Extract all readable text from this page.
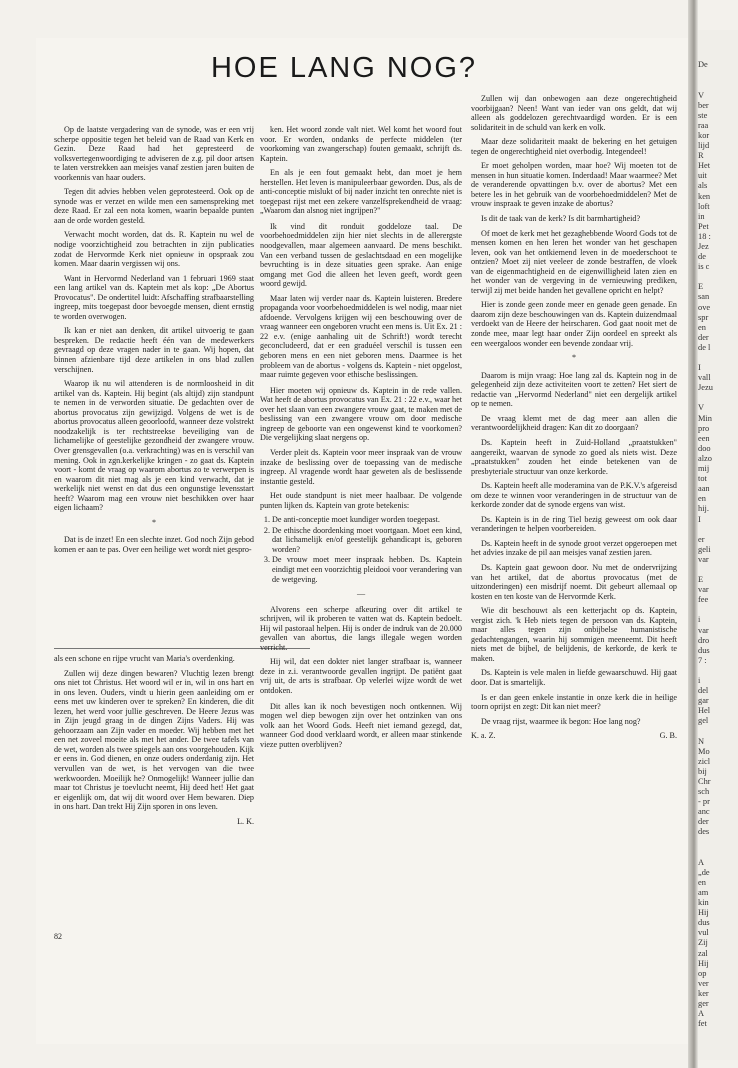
HOE LANG NOG?

Op de laatste vergadering van de synode, was er een vrij scherpe oppositie tegen het beleid van de Raad van Kerk en Gezin. Deze Raad had het gepresteerd de volksvertegenwoordiging te adviseren de z.g. pil door artsen te laten verstrekken aan meisjes vanaf zestien jaren buiten de voorkennis van haar ouders.

Tegen dit advies hebben velen geprotesteerd. Ook op de synode was er verzet en wilde men een samenspreking met deze Raad. Er zal een nota komen, waarin bepaalde punten aan de orde worden gesteld.

Verwacht mocht worden, dat ds. R. Kaptein nu wel de nodige voorzichtigheid zou betrachten in zijn publicaties zodat de Hervormde Kerk niet opnieuw in opspraak zou komen. Maar daarin vergissen wij ons.

Want in Hervormd Nederland van 1 februari 1969 staat een lang artikel van ds. Kaptein met als kop: „De Abortus Provocatus". De ondertitel luidt: Afschaffing strafbaarstelling ingreep, mits toegepast door bevoegde mensen, dient ernstig te worden overwogen.

Ik kan er niet aan denken, dit artikel uitvoerig te gaan bespreken. De redactie heeft één van de medewerkers gevraagd op deze vragen nader in te gaan. Wij hopen, dat binnen afzienbare tijd deze artikelen in ons blad zullen verschijnen.

Waarop ik nu wil attenderen is de normloosheid in dit artikel van ds. Kaptein. Hij begint (als altijd) zijn standpunt te nemen in de verworden situatie. De gedachten over de abortus provocatus zijn gewijzigd. Volgens de wet is de abortus provocatus alleen geoorloofd, wanneer deze volstrekt noodzakelijk is ter rechtstreekse beveiliging van de lichamelijke of geestelijke gezondheid der zwangere vrouw. Over grensgevallen (o.a. verkrachting) was en is verschil van mening. Ook in zgn.kerkelijke kringen - zo gaat ds. Kaptein voort - komt de vraag op waarom abortus zo te verwerpen is en waarom dit niet mag als je een kind verwacht, dat je werkelijk niet wenst en dat dus een ongunstige levensstart heeft? Waarom mag een vrouw niet beschikken over haar eigen lichaam?

*

Dat is de inzet! En een slechte inzet. God noch Zijn gebod komen er aan te pas. Over een heilige wet wordt niet gespro-

als een schone en rijpe vrucht van Maria's overdenking.

Zullen wij deze dingen bewaren? Vluchtig lezen brengt ons niet tot Christus. Het woord wil er in, wil in ons hart en in ons leven. Ouders, vindt u hierin geen aanleiding om er eens met uw kinderen over te spreken? En kinderen, die dit lezen, het werd voor jullie geschreven. De Heere Jezus was in Zijn jeugd graag in de dingen Zijns Vaders. Hij was gehoorzaam aan Zijn vader en moeder. Wij hebben met het een net zoveel moeite als met het ander. De twee tafels van de wet, worden als twee spiegels aan ons voorgehouden. Kijk er eens in. God dienen, en onze ouders onderdanig zijn. Het vervullen van de wet, is het vervogen van die twee werkwoorden. Moeilijk he? Onmogelijk! Wanneer jullie dan maar tot Christus je toevlucht neemt, Hij deed het! Het gaat er eigenlijk om, dat wij dit woord over Hem bewaren. Diep in ons hart. Dan trekt Hij Zijn sporen in ons leven.

L. K.

ken. Het woord zonde valt niet. Wel komt het woord fout voor. Er worden, ondanks de perfecte middelen (ter voorkoming van zwangerschap) fouten gemaakt, schrijft ds. Kaptein.

En als je een fout gemaakt hebt, dan moet je hem herstellen. Het leven is manipuleerbaar geworden. Dus, als de anti-conceptie mislukt of bij nader inzicht ten onrechte niet is toegepast rijst met een zekere vanzelfsprekendheid de vraag: „Waarom dan alsnog niet ingrijpen?"

Ik vind dit ronduit goddeloze taal. De voorbehoedmiddelen zijn hier niet slechts in de allerergste noodgevallen, maar algemeen aanvaard. De mens beschikt. Van een verband tussen de geslachtsdaad en een mogelijke bevruchting is in deze situaties geen sprake. Aan enige omgang met God die alleen het leven geeft, wordt geen woord gewijd.

Maar laten wij verder naar ds. Kaptein luisteren. Bredere propaganda voor voorbehoedmiddelen is wel nodig, maar niet afdoende. Vervolgens krijgen wij een beschouwing over de vraag wanneer een ongeboren vrucht een mens is. Uit Ex. 21 : 22 e.v. (enige aanhaling uit de Schrift!) wordt terecht geconcludeerd, dat er een graduéel verschil is tussen een geboren mens en een niet geboren mens. Daarmee is het probleem van de abortus - volgens ds. Kaptein - niet opgelost, maar ruimte gegeven voor ethische beslissingen.

Hier moeten wij opnieuw ds. Kaptein in de rede vallen. Wat heeft de abortus provocatus van Ex. 21 : 22 e.v., waar het over het slaan van een zwangere vrouw gaat, te maken met de beslissing van een zwangere vrouw om door medische ingreep de geboorte van een ongewenst kind te voorkomen? Die vergelijking slaat nergens op.

Verder pleit ds. Kaptein voor meer inspraak van de vrouw inzake de beslissing over de toepassing van de medische ingreep. Al vragende wordt haar geweten als de beslissende instantie gesteld.

Het oude standpunt is niet meer haalbaar. De volgende punten lijken ds. Kaptein van grote betekenis:

1. De anti-conceptie moet kundiger worden toegepast.
2. De ethische doordenking moet voortgaan. Moet een kind, dat lichamelijk en/of geestelijk gehandicapt is, geboren worden?
3. De vrouw moet meer inspraak hebben. Ds. Kaptein eindigt met een voorzichtig pleidooi voor verandering van de wetgeving.
—

Alvorens een scherpe afkeuring over dit artikel te schrijven, wil ik proberen te vatten wat ds. Kaptein bedoelt. Hij wil pastoraal helpen. Hij is onder de indruk van de 20.000 gevallen van abortus, die langs illegale wegen worden verricht.

Hij wil, dat een dokter niet langer strafbaar is, wanneer deze in z.i. verantwoorde gevallen ingrijpt. De patiënt gaat vrij uit, de arts is strafbaar. Op velerlei wijze wordt de wet ontdoken.

Dit alles kan ik noch bevestigen noch ontkennen. Wij mogen wel diep bewogen zijn over het ontzinken van ons volk aan het Woord Gods. Heeft niet iemand gezegd, dat, wanneer God dood verklaard wordt, er alleen maar stinkende vieze putten overblijven?

Zullen wij dan onbewogen aan deze ongerechtigheid voorbijgaan? Neen! Want van ieder van ons geldt, dat wij alleen als goddelozen gerechtvaardigd worden. Er is een solidariteit in de schuld van kerk en volk.

Maar deze solidariteit maakt de bekering en het getuigen tegen de ongerechtigheid niet overbodig. Integendeel!

Er moet geholpen worden, maar hoe? Wij moeten tot de mensen in hun situatie komen. Inderdaad! Maar waarmee? Met de veranderende opvattingen b.v. over de abortus? Met een betere les in het gebruik van de voorbehoedmiddelen? Met de vrouw inspraak te geven inzake de abortus?

Is dit de taak van de kerk? Is dit barmhartigheid?

Of moet de kerk met het gezaghebbende Woord Gods tot de mensen komen en hen leren het wonder van het geschapen leven, ook van het ontkiemend leven in de moederschoot te ontzien? Moet zij niet veeleer de zonde bestraffen, de vloek van de eigenmachtigheid en de eigenwilligheid laten zien en het wonder van de vergeving in de vernieuwing prediken, terwijl zij met beide handen het gevallene opricht en helpt?

Hier is zonde geen zonde meer en genade geen genade. En daarom zijn deze beschouwingen van ds. Kaptein duizendmaal verdoekt van de Heere der heirscharen. God gaat nooit met de zonde mee, maar legt haar onder Zijn oordeel en spreekt als een weergaloos wonder een bevende zondaar vrij.

*

Daarom is mijn vraag: Hoe lang zal ds. Kaptein nog in de gelegenheid zijn deze activiteiten voort te zetten? Het siert de redactie van „Hervormd Nederland" niet een dergelijk artikel op te nemen.

De vraag klemt met de dag meer aan allen die verantwoordelijkheid dragen: Kan dit zo doorgaan?

Ds. Kaptein heeft in Zuid-Holland „praatstukken" aangereikt, waarvan de synode zo goed als niets wist. Deze „praatstukken" zouden het einde betekenen van de presbyteriale structuur van onze kerkorde.

Ds. Kaptein heeft alle moderamina van de P.K.V.'s afgereisd om deze te winnen voor veranderingen in de structuur van de kerkorde zonder dat de synode ergens van wist.

Ds. Kaptein is in de ring Tiel bezig geweest om ook daar veranderingen te helpen voorbereiden.

Ds. Kaptein heeft in de synode groot verzet opgeroepen met het advies inzake de pil aan meisjes vanaf zestien jaren.

Ds. Kaptein gaat gewoon door. Nu met de ondervrijzing van het artikel, dat de abortus provocatus (met de uitzonderingen) een misdrijf noemt. Dit gebeurt allemaal op kosten en ten koste van de Hervormde Kerk.

Wie dit beschouwt als een ketterjacht op ds. Kaptein, vergist zich. 'k Heb niets tegen de persoon van ds. Kaptein, maar alles tegen zijn onbijbelse humanistische gedachtengangen, waarin hij sommigen meeneemt. Dit heeft niets met de bijbel, de belijdenis, de kerkorde, de kerk te maken.

Ds. Kaptein is vele malen in liefde gewaarschuwd. Hij gaat door. Dat is smartelijk.

Is er dan geen enkele instantie in onze kerk die in heilige toorn oprijst en zegt: Dit kan niet meer?

De vraag rijst, waarmee ik begon: Hoe lang nog?

K. a. Z.	G. B.
82
De
V
ber
ste
raa
kor
lijd
R
Het
uit
als
ken
loft
in
Pet
18 :
Jez
de
is c
E
san
ove
spr
en
der
de l
I
vall
Jezu
V
Min
pro
een
doo
alzo
mij
tot
aan
en
hij.
I
er
geli
var
E
var
fee
i
var
dro
dus
7 :
i
del
gar
Hel
gel
N
Mo
zicl
bij
Chr
sch
- pr
anc
der
des
A
„de
en
am
kin
Hij
dus
vul
Zij
zal
Hij
op
ver
ker
ger
A
fet
